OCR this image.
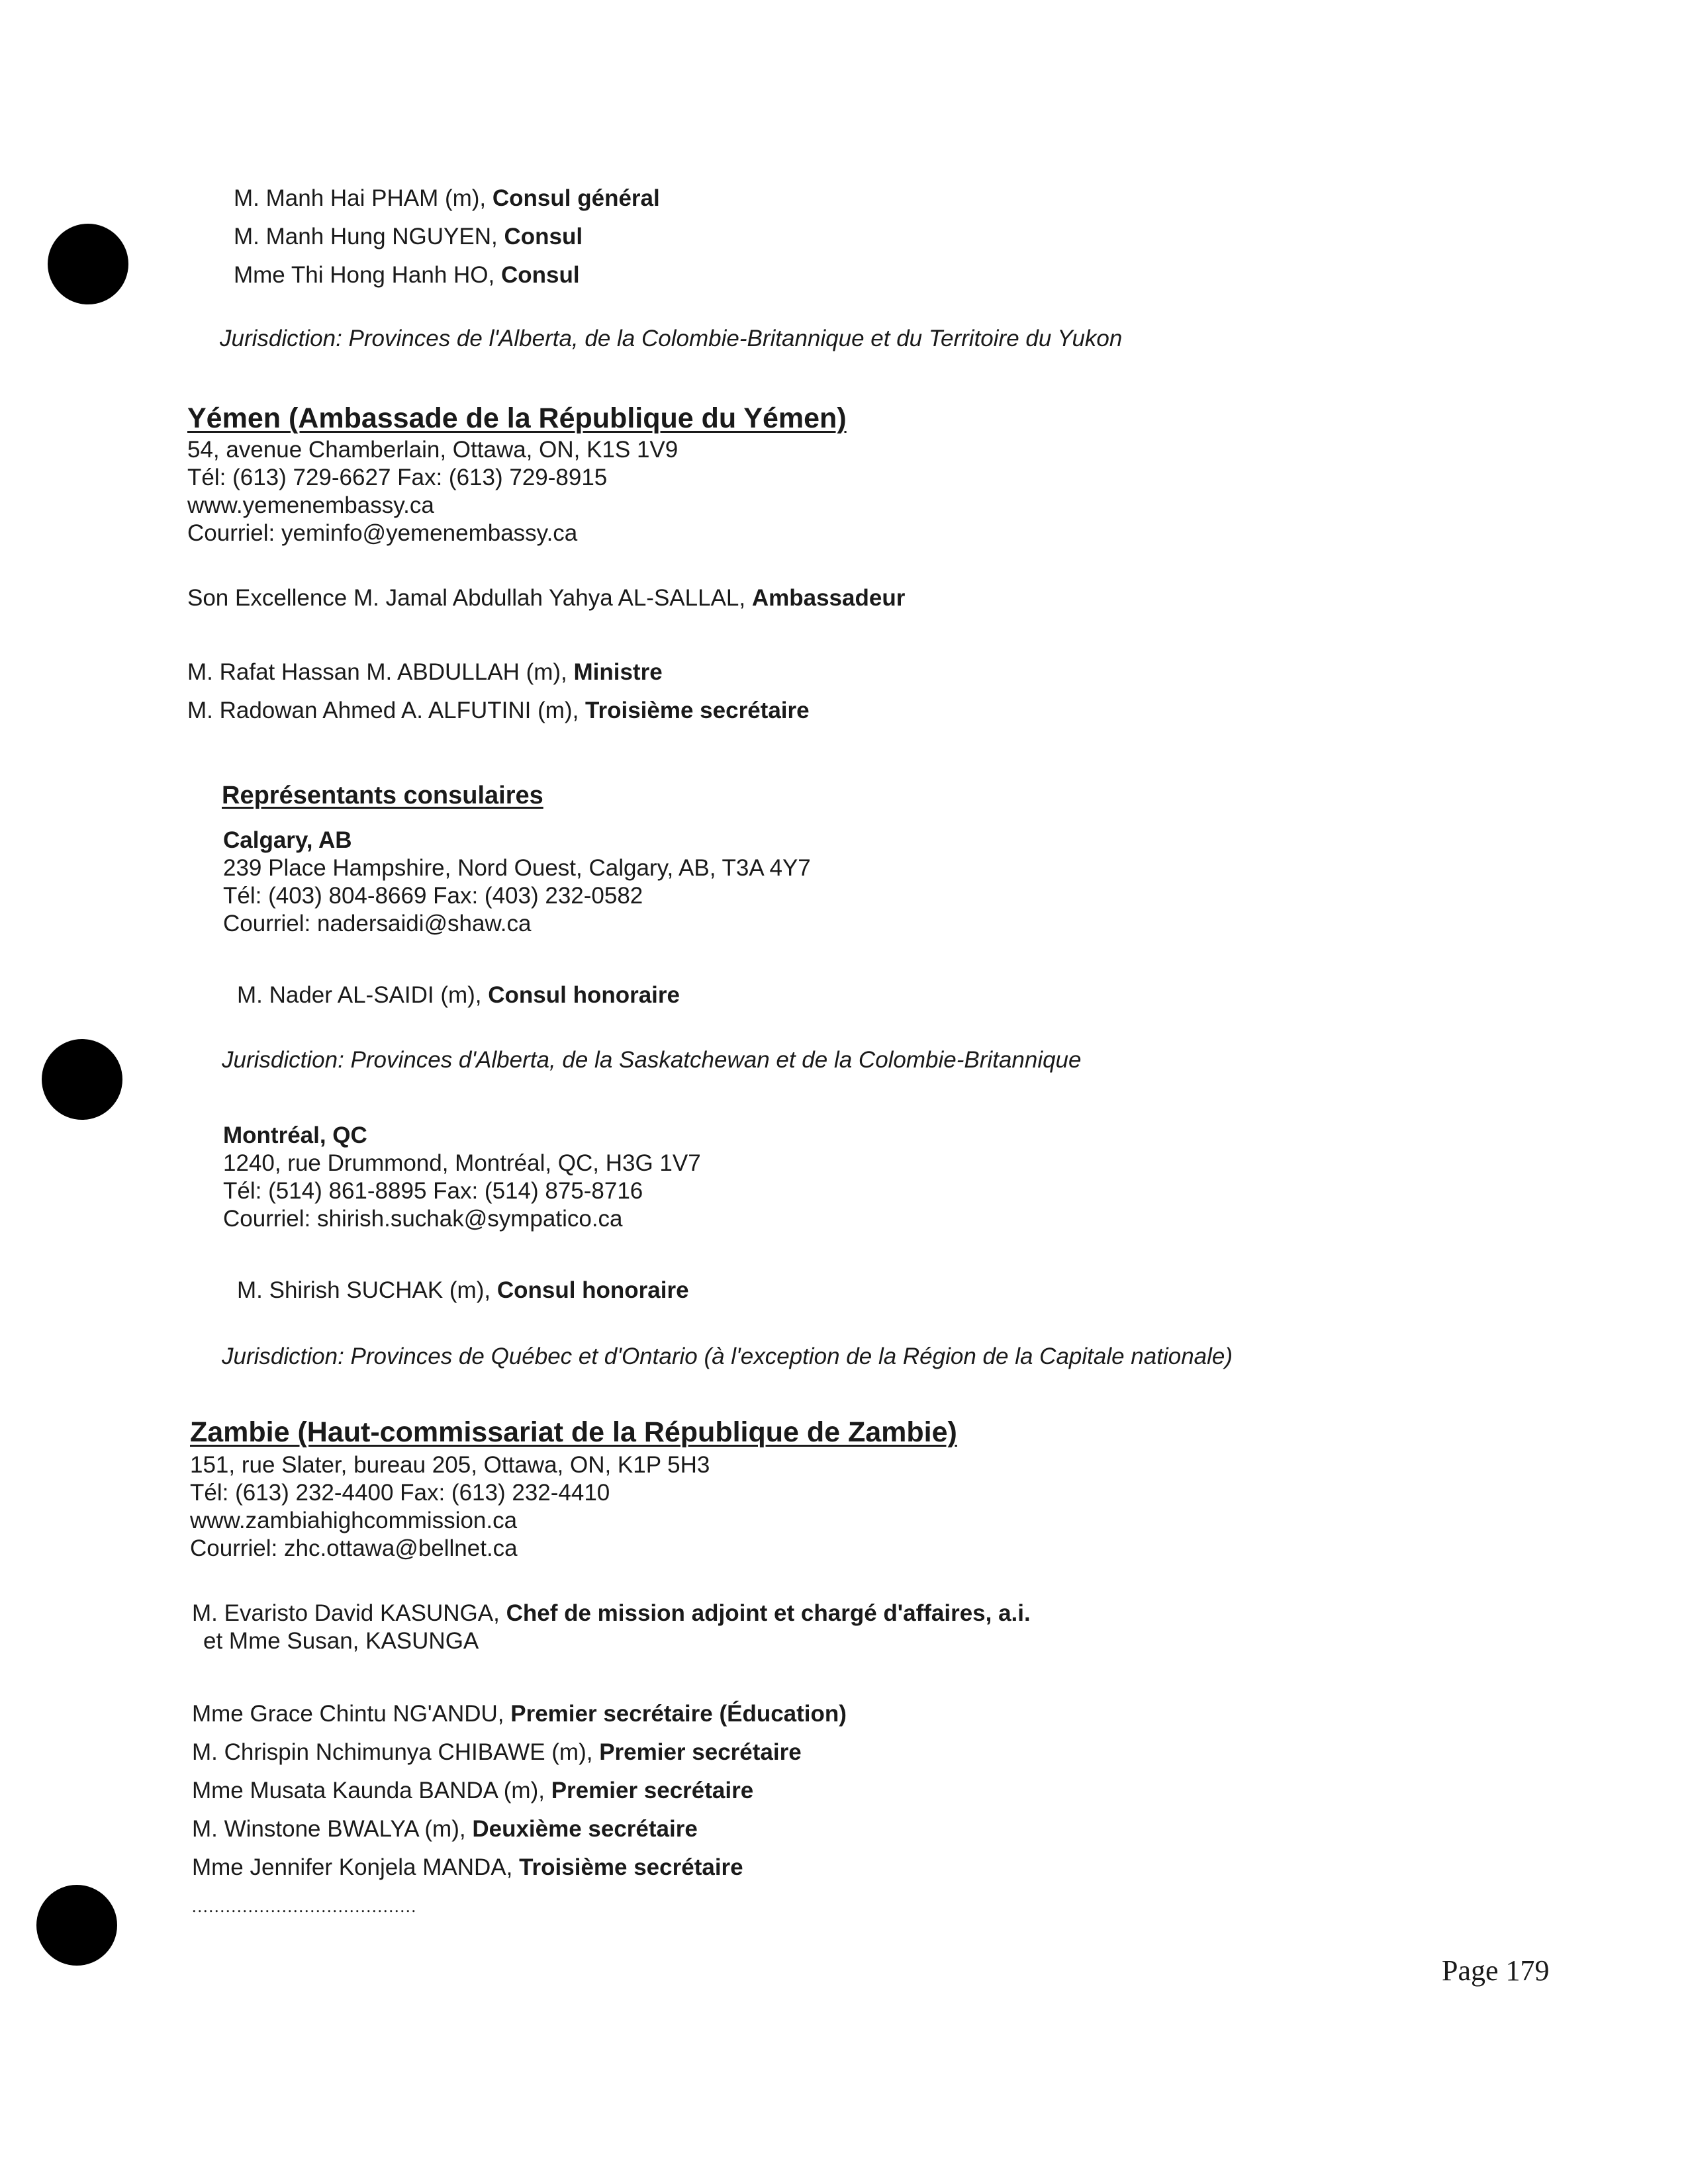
M. Manh Hai PHAM (m), Consul général
M. Manh Hung NGUYEN, Consul
Mme Thi Hong Hanh HO, Consul
Jurisdiction: Provinces de l'Alberta, de la Colombie-Britannique et du Territoire du Yukon
Yémen (Ambassade de la République du Yémen)
54, avenue Chamberlain, Ottawa, ON, K1S 1V9
Tél: (613) 729-6627 Fax: (613) 729-8915
www.yemenembassy.ca
Courriel: yeminfo@yemenembassy.ca
Son Excellence M. Jamal Abdullah Yahya AL-SALLAL, Ambassadeur
M. Rafat Hassan M. ABDULLAH (m), Ministre
M. Radowan Ahmed A. ALFUTINI (m), Troisième secrétaire
Représentants consulaires
Calgary, AB
239 Place Hampshire, Nord Ouest, Calgary, AB, T3A 4Y7
Tél: (403) 804-8669 Fax: (403) 232-0582
Courriel: nadersaidi@shaw.ca
M. Nader AL-SAIDI (m), Consul honoraire
Jurisdiction: Provinces d'Alberta, de la Saskatchewan et de la Colombie-Britannique
Montréal, QC
1240, rue Drummond, Montréal, QC, H3G 1V7
Tél: (514) 861-8895 Fax: (514) 875-8716
Courriel: shirish.suchak@sympatico.ca
M. Shirish SUCHAK (m), Consul honoraire
Jurisdiction: Provinces de Québec et d'Ontario (à l'exception de la Région de la Capitale nationale)
Zambie (Haut-commissariat de la République de Zambie)
151, rue Slater, bureau 205, Ottawa, ON, K1P 5H3
Tél: (613) 232-4400 Fax: (613) 232-4410
www.zambiahighcommission.ca
Courriel: zhc.ottawa@bellnet.ca
M. Evaristo David KASUNGA, Chef de mission adjoint et chargé d'affaires, a.i.
et Mme Susan, KASUNGA
Mme Grace Chintu NG'ANDU, Premier secrétaire (Éducation)
M. Chrispin Nchimunya CHIBAWE (m), Premier secrétaire
Mme Musata Kaunda BANDA (m), Premier secrétaire
M. Winstone BWALYA (m), Deuxième secrétaire
Mme Jennifer Konjela MANDA, Troisième secrétaire
........................................
Page 179
